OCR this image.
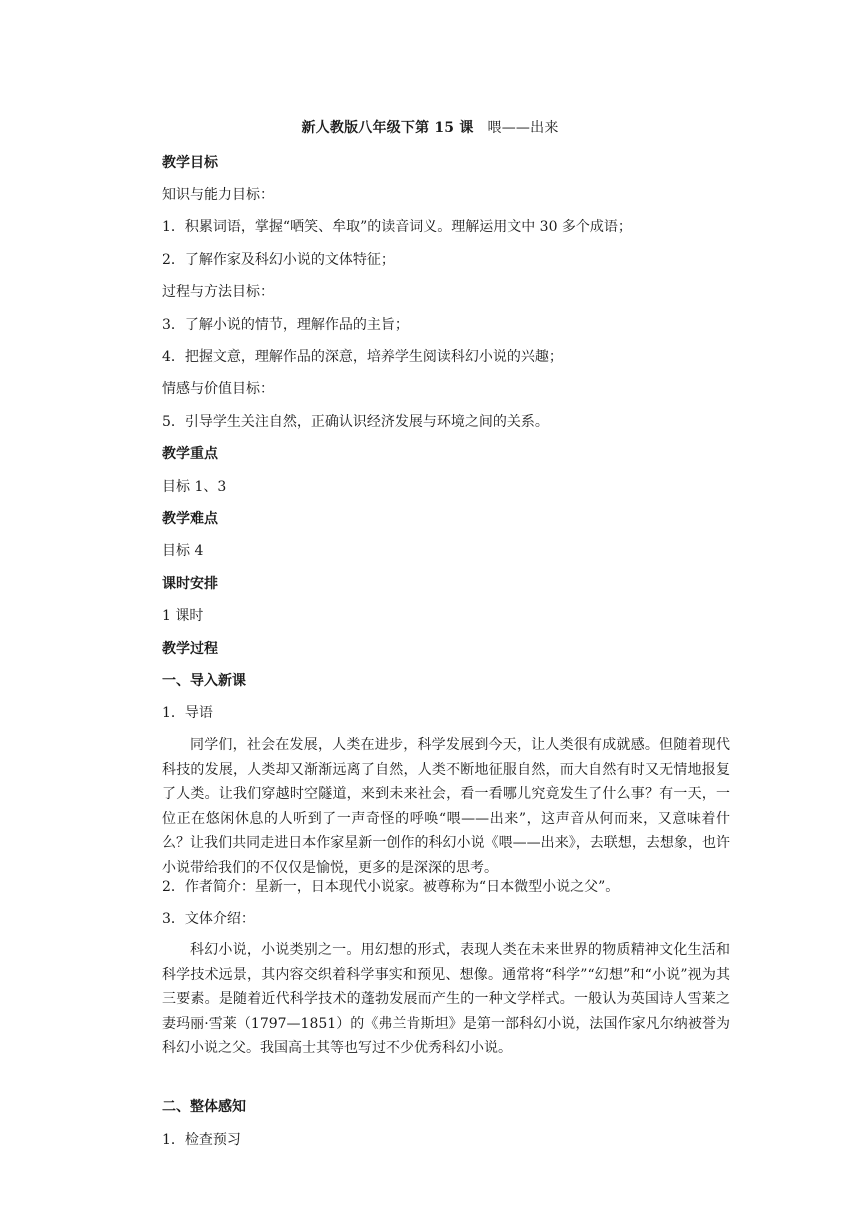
新人教版八年级下第 15 课 喂——出来
教学目标
知识与能力目标：
1．积累词语，掌握“哂笑、牟取”的读音词义。理解运用文中 30 多个成语；
2．了解作家及科幻小说的文体特征；
过程与方法目标：
3．了解小说的情节，理解作品的主旨；
4．把握文意，理解作品的深意，培养学生阅读科幻小说的兴趣；
情感与价值目标：
5．引导学生关注自然，正确认识经济发展与环境之间的关系。
教学重点
目标 1、3
教学难点
目标 4
课时安排
1 课时
教学过程
一、导入新课
1．导语
同学们，社会在发展，人类在进步，科学发展到今天，让人类很有成就感。但随着现代科技的发展，人类却又渐渐远离了自然，人类不断地征服自然，而大自然有时又无情地报复了人类。让我们穿越时空隧道，来到未来社会，看一看哪儿究竟发生了什么事？有一天，一位正在悠闲休息的人听到了一声奇怪的呼唤“喂——出来”，这声音从何而来，又意味着什么？让我们共同走进日本作家星新一创作的科幻小说《喂——出来》，去联想，去想象，也许小说带给我们的不仅仅是愉悦，更多的是深深的思考。
2．作者简介：星新一，日本现代小说家。被尊称为“日本微型小说之父”。
3．文体介绍：
科幻小说，小说类别之一。用幻想的形式，表现人类在未来世界的物质精神文化生活和科学技术远景，其内容交织着科学事实和预见、想像。通常将“科学”“幻想”和“小说”视为其三要素。是随着近代科学技术的蓬勃发展而产生的一种文学样式。一般认为英国诗人雪莱之妻玛丽·雪莱（1797—1851）的《弗兰肯斯坦》是第一部科幻小说，法国作家凡尔纳被誉为科幻小说之父。我国高士其等也写过不少优秀科幻小说。
二、整体感知
1．检查预习
